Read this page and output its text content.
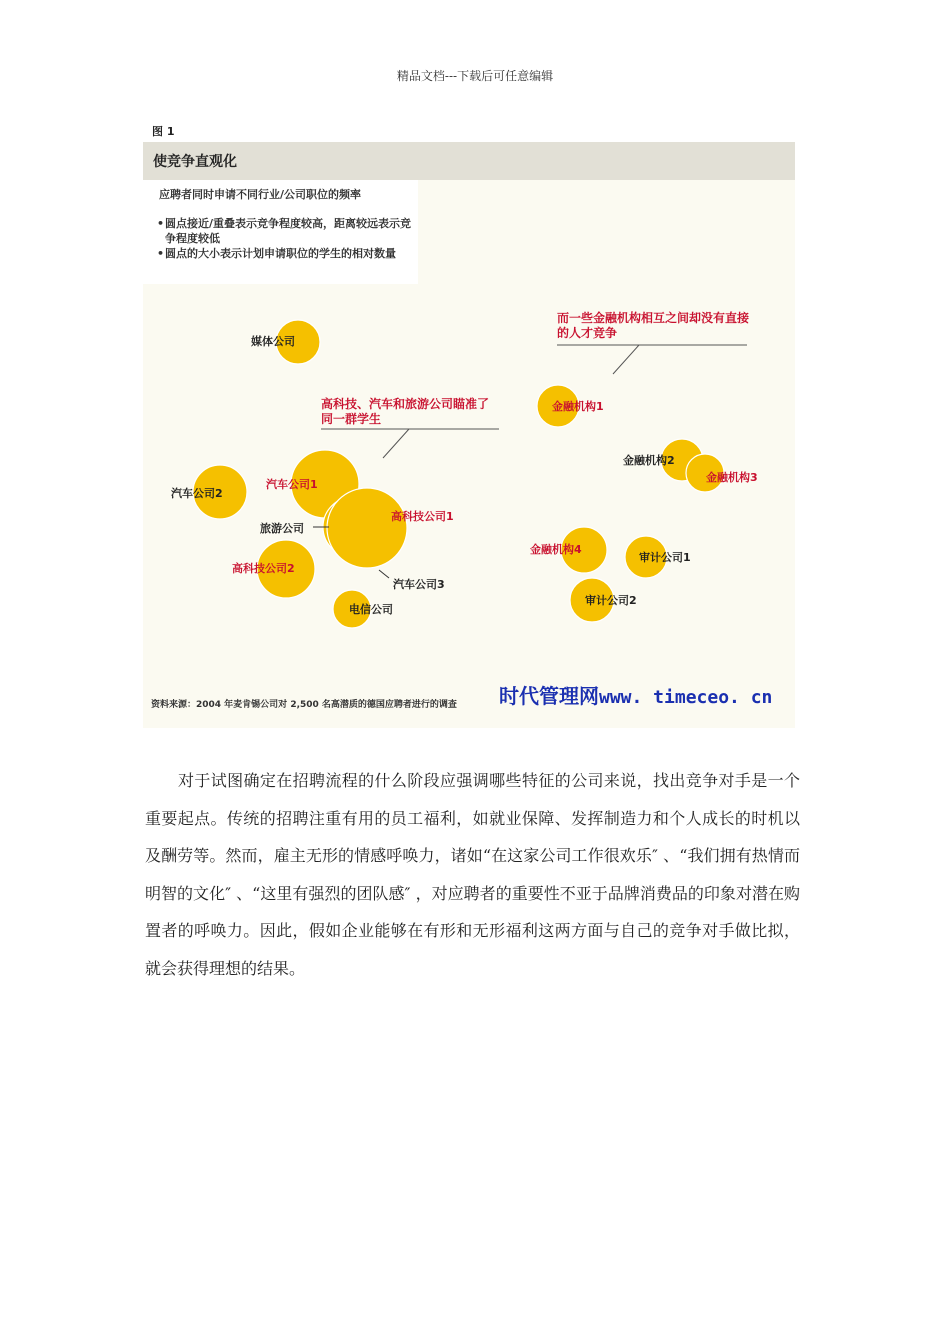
精品文档---下载后可任意编辑
图 1
使竞争直观化
应聘者同时申请不同行业/公司职位的频率
• 圆点接近/重叠表示竞争程度较高，距离较远表示竞争程度较低
• 圆点的大小表示计划申请职位的学生的相对数量
媒体公司
汽车公司2
汽车公司1
旅游公司
高科技公司1
高科技公司2
汽车公司3
电信公司
金融机构1
金融机构2
金融机构3
金融机构4
审计公司1
审计公司2
高科技、汽车和旅游公司瞄准了
同一群学生
而一些金融机构相互之间却没有直接
的人才竞争
资料来源：2004 年麦肯锡公司对 2,500 名高潜质的德国应聘者进行的调查 时代管理网www. timeceo. cn
对于试图确定在招聘流程的什么阶段应强调哪些特征的公司来说，找出竞争对手是一个重要起点。传统的招聘注重有用的员工福利，如就业保障、发挥制造力和个人成长的时机以及酬劳等。然而，雇主无形的情感呼唤力，诸如“在这家公司工作很欢乐″ 、“我们拥有热情而明智的文化″ 、“这里有强烈的团队感″ ，对应聘者的重要性不亚于品牌消费品的印象对潜在购置者的呼唤力。因此，假如企业能够在有形和无形福利这两方面与自己的竞争对手做比拟，就会获得理想的结果。
